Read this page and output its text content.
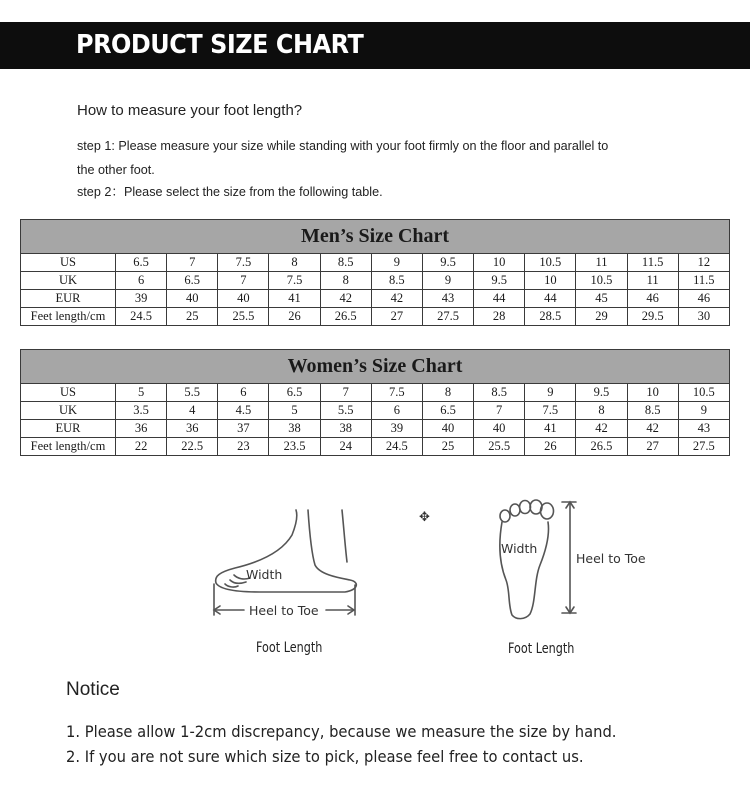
PRODUCT SIZE CHART
How to measure your foot length?
step 1: Please measure your size while standing with your foot firmly on the floor and parallel to
the other foot.
step 2：Please select the size from the following table.
Men’s Size Chart												
US	6.5	7	7.5	8	8.5	9	9.5	10	10.5	11	11.5	12
UK	6	6.5	7	7.5	8	8.5	9	9.5	10	10.5	11	11.5
EUR	39	40	40	41	42	42	43	44	44	45	46	46
Feet length/cm	24.5	25	25.5	26	26.5	27	27.5	28	28.5	29	29.5	30
Women’s Size Chart												
US	5	5.5	6	6.5	7	7.5	8	8.5	9	9.5	10	10.5
UK	3.5	4	4.5	5	5.5	6	6.5	7	7.5	8	8.5	9
EUR	36	36	37	38	38	39	40	40	41	42	42	43
Feet length/cm	22	22.5	23	23.5	24	24.5	25	25.5	26	26.5	27	27.5
Width
Heel to Toe
Foot Length
Width
Heel to Toe
Foot Length
✥
Notice
1. Please allow 1-2cm discrepancy, because we measure the size by hand.
2. If you are not sure which size to pick, please feel free to contact us.
